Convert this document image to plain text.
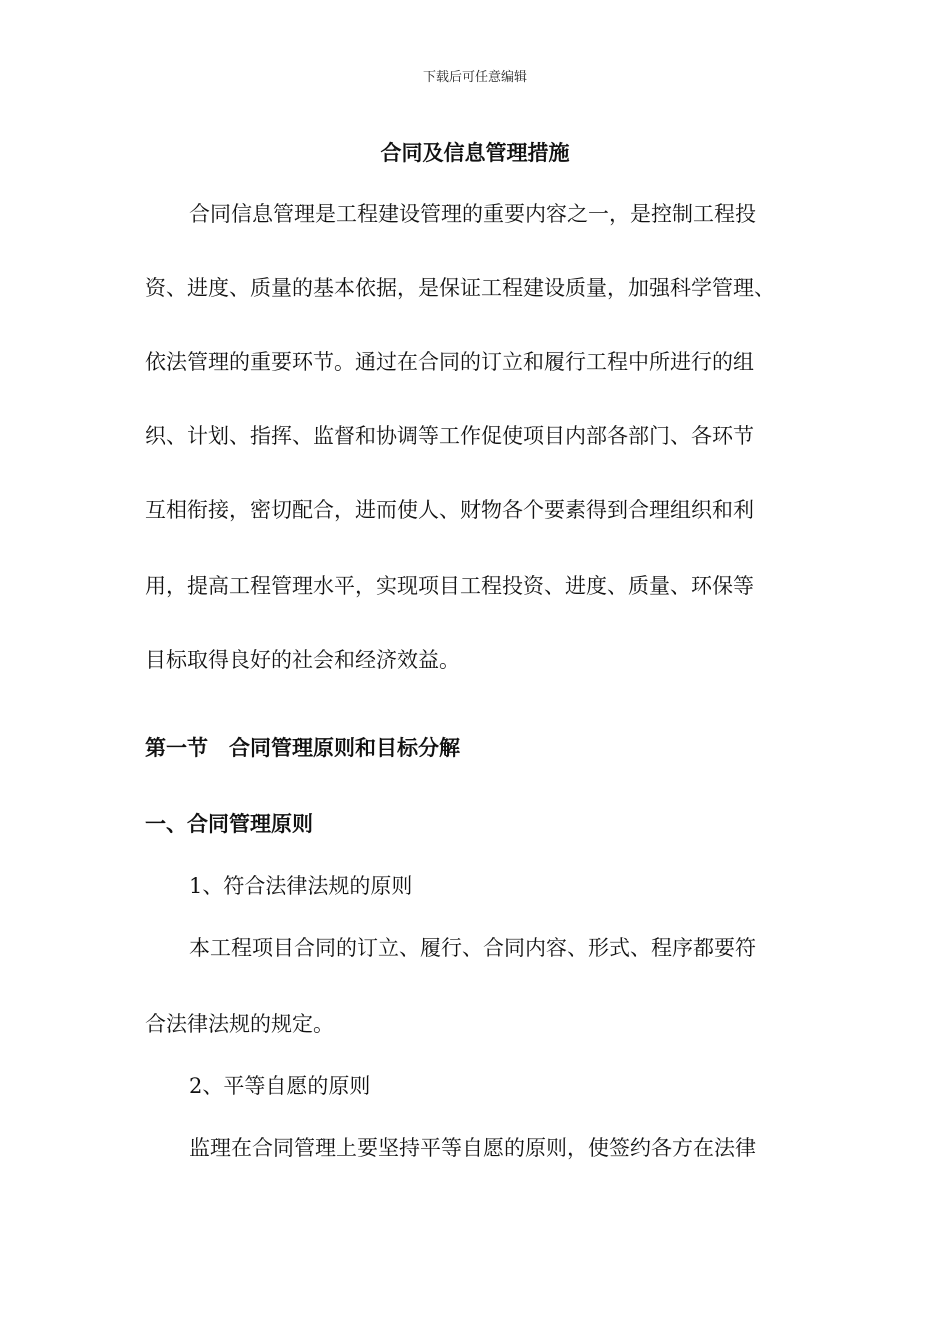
下载后可任意编辑
合同及信息管理措施
合同信息管理是工程建设管理的重要内容之一，是控制工程投
资、进度、质量的基本依据，是保证工程建设质量，加强科学管理、
依法管理的重要环节。通过在合同的订立和履行工程中所进行的组
织、计划、指挥、监督和协调等工作促使项目内部各部门、各环节
互相衔接，密切配合，进而使人、财物各个要素得到合理组织和利
用，提高工程管理水平，实现项目工程投资、进度、质量、环保等
目标取得良好的社会和经济效益。
第一节　合同管理原则和目标分解
一、合同管理原则
1、符合法律法规的原则
本工程项目合同的订立、履行、合同内容、形式、程序都要符
合法律法规的规定。
2、平等自愿的原则
监理在合同管理上要坚持平等自愿的原则，使签约各方在法律
